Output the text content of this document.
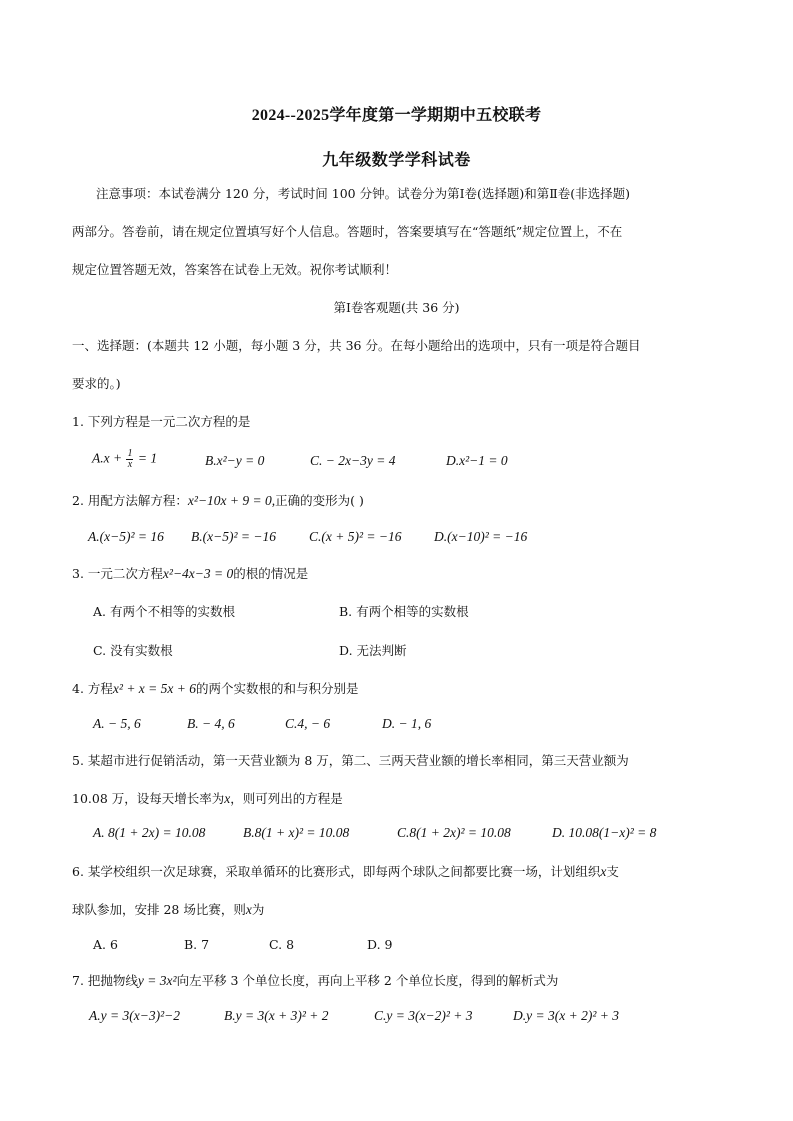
2024--2025学年度第一学期期中五校联考
九年级数学学科试卷
注意事项：本试卷满分 120 分，考试时间 100 分钟。试卷分为第Ⅰ卷(选择题)和第Ⅱ卷(非选择题)
两部分。答卷前，请在规定位置填写好个人信息。答题时，答案要填写在“答题纸”规定位置上，不在
规定位置答题无效，答案答在试卷上无效。祝你考试顺利！
第Ⅰ卷客观题(共 36 分)
一、选择题：(本题共 12 小题，每小题 3 分，共 36 分。在每小题给出的选项中，只有一项是符合题目
要求的。)
1. 下列方程是一元二次方程的是
$A.x + \frac{1}{x} = 1$	B.x²−y = 0	C. − 2x−3y = 4	D.x²−1 = 0
2. 用配方法解方程：x²−10x + 9 = 0,正确的变形为( )
A.(x−5)² = 16 B.(x−5)² = −16 C.(x + 5)² = −16 D.(x−10)² = −16
3. 一元二次方程x²−4x−3 = 0的根的情况是
A. 有两个不相等的实数根	B. 有两个相等的实数根
C. 没有实数根	D. 无法判断
4. 方程x² + x = 5x + 6的两个实数根的和与积分别是
A. − 5, 6	B. − 4, 6	C.4, − 6	D. − 1, 6
5. 某超市进行促销活动，第一天营业额为 8 万，第二、三两天营业额的增长率相同，第三天营业额为
10.08 万，设每天增长率为x，则可列出的方程是
A. 8(1 + 2x) = 10.08	B.8(1 + x)² = 10.08	C.8(1 + 2x)² = 10.08	D. 10.08(1−x)² = 8
6. 某学校组织一次足球赛，采取单循环的比赛形式，即每两个球队之间都要比赛一场，计划组织x支
球队参加，安排 28 场比赛，则x为
A. 6	B. 7	C. 8	D. 9
7. 把抛物线y = 3x²向左平移 3 个单位长度，再向上平移 2 个单位长度，得到的解析式为
A.y = 3(x−3)²−2	B.y = 3(x + 3)² + 2	C.y = 3(x−2)² + 3	D.y = 3(x + 2)² + 3
